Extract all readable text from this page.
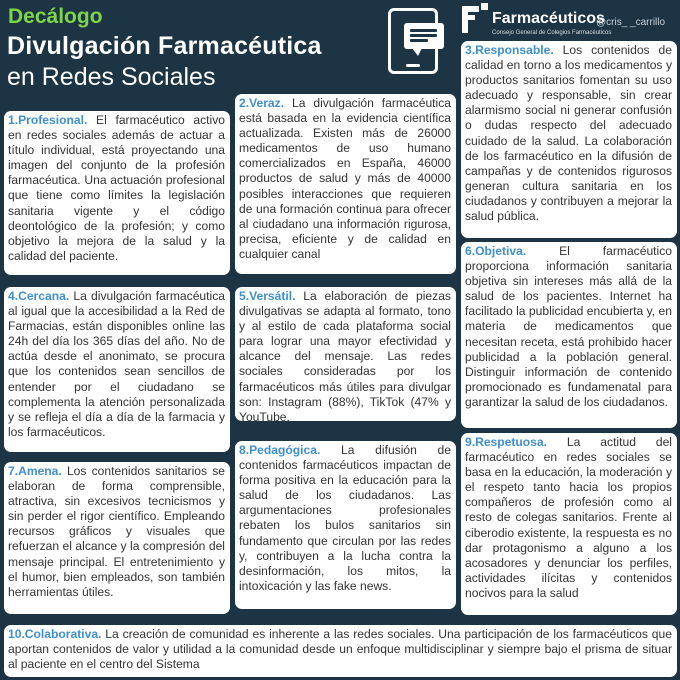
Decálogo
Divulgación Farmacéutica
en Redes Sociales
Farmacéuticos
Consejo General de Colegios Farmacéuticos
@cris_ _carrillo
1.Profesional. El farmacéutico activo en redes sociales además de actuar a título individual, está proyectando una imagen del conjunto de la profesión farmacéutica. Una actuación profesional que tiene como límites la legislación sanitaria vigente y el código deontológico de la profesión; y como objetivo la mejora de la salud y la calidad del paciente.
2.Veraz. La divulgación farmacéutica está basada en la evidencia científica actualizada. Existen más de 26000 medicamentos de uso humano comercializados en España, 46000 productos de salud y más de 40000 posibles interacciones que requieren de una formación continua para ofrecer al ciudadano una información rigurosa, precisa, eficiente y de calidad en cualquier canal
3.Responsable. Los contenidos de calidad en torno a los medicamentos y productos sanitarios fomentan su uso adecuado y responsable, sin crear alarmismo social ni generar confusión o dudas respecto del adecuado cuidado de la salud. La colaboración de los farmacéutico en la difusión de campañas y de contenidos rigurosos generan cultura sanitaria en los ciudadanos y contribuyen a mejorar la salud pública.
4.Cercana. La divulgación farmacéutica al igual que la accesibilidad a la Red de Farmacias, están disponibles online las 24h del día los 365 días del año. No de actúa desde el anonimato, se procura que los contenidos sean sencillos de entender por el ciudadano se complementa la atención personalizada y se refleja el día a día de la farmacia y los farmacéuticos.
5.Versátil. La elaboración de piezas divulgativas se adapta al formato, tono y al estilo de cada plataforma social para lograr una mayor efectividad y alcance del mensaje. Las redes sociales consideradas por los farmacéuticos más útiles para divulgar son: Instagram (88%), TikTok (47% y YouTube.
6.Objetiva.	El farmacéutico proporciona información sanitaria objetiva sin intereses más allá de la salud de los pacientes. Internet ha facilitado la publicidad encubierta y, en materia de medicamentos que necesitan receta, está prohibido hacer publicidad a la población general. Distinguir información de contenido promocionado es fundamenatal para garantizar la salud de los ciudadanos.
7.Amena. Los contenidos sanitarios se elaboran de forma comprensible, atractiva, sin excesivos tecnicismos y sin perder el rigor científico. Empleando recursos gráficos y visuales que refuerzan el alcance y la compresión del mensaje principal. El entretenimiento y el humor, bien empleados, son también herramientas útiles.
8.Pedagógica. La difusión de contenidos farmacéuticos impactan de forma positiva en la educación para la salud de los ciudadanos. Las argumentaciones profesionales rebaten los bulos sanitarios sin fundamento que circulan por las redes y, contribuyen a la lucha contra la desinformación, los mitos, la intoxicación y las fake news.
9.Respetuosa. La actitud del farmacéutico en redes sociales se basa en la educación, la moderación y el respeto tanto hacia los propios compañeros de profesión como al resto de colegas sanitarios. Frente al ciberodio existente, la respuesta es no dar protagonismo a alguno a los acosadores y denunciar los perfiles, actividades ilícitas y contenidos nocivos para la salud
10.Colaborativa. La creación de comunidad es inherente a las redes sociales. Una participación de los farmacéuticos que aportan contenidos de valor y utilidad a la comunidad desde un enfoque multidisciplinar y siempre bajo el prisma de situar al paciente en el centro del Sistema
